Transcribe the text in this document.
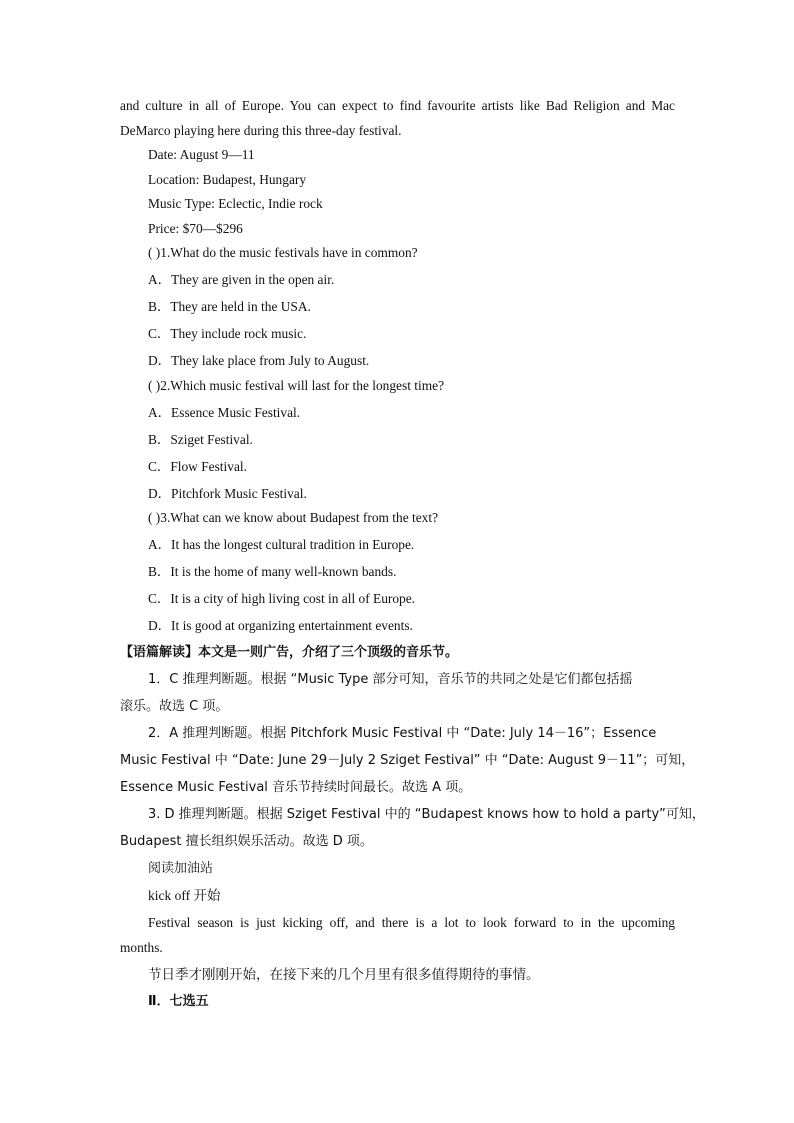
and culture in all of Europe. You can expect to find favourite artists like Bad Religion and Mac
DeMarco playing here during this three-day festival.
Date: August 9—11
Location: Budapest, Hungary
Music Type: Eclectic, Indie rock
Price: $70—$296
( )1.What do the music festivals have in common?
A．They are given in the open air.
B．They are held in the USA.
C．They include rock music.
D．They lake place from July to August.
( )2.Which music festival will last for the longest time?
A．Essence Music Festival.
B．Sziget Festival.
C．Flow Festival.
D．Pitchfork Music Festival.
( )3.What can we know about Budapest from the text?
A．It has the longest cultural tradition in Europe.
B．It is the home of many well-known bands.
C．It is a city of high living cost in all of Europe.
D．It is good at organizing entertainment events.
【语篇解读】本文是一则广告，介绍了三个顶级的音乐节。
1．C 推理判断题。根据 “Music Type 部分可知，音乐节的共同之处是它们都包括摇
滚乐。故选 C 项。
2．A 推理判断题。根据 Pitchfork Music Festival 中 “Date: July 14－16”；Essence
Music Festival 中 “Date: June 29－July 2 Sziget Festival” 中 “Date: August 9－11”；可知，
Essence Music Festival 音乐节持续时间最长。故选 A 项。
3. D 推理判断题。根据 Sziget Festival 中的 “Budapest knows how to hold a party”可知，
Budapest 擅长组织娱乐活动。故选 D 项。
阅读加油站
kick off 开始
Festival season is just kicking off, and there is a lot to look forward to in the upcoming
months.
节日季才刚刚开始，在接下来的几个月里有很多值得期待的事情。
Ⅱ．七选五
